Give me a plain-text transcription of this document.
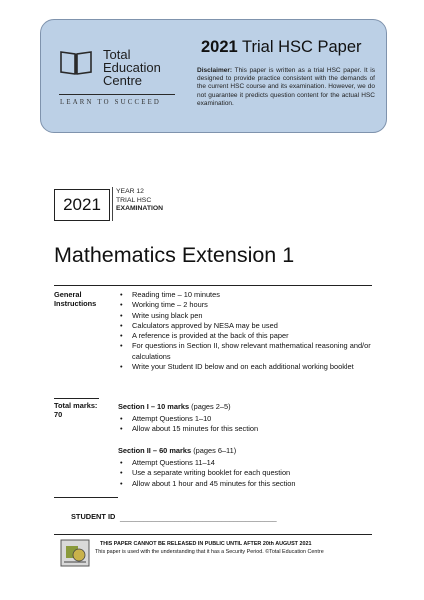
Total
Education
Centre
LEARN TO SUCCEED
2021 Trial HSC Paper
Disclaimer: This paper is written as a trial HSC paper. It is designed to provide practice consistent with the demands of the current HSC course and its examination. However, we do not guarantee it predicts question content for the actual HSC examination.
2021
YEAR 12
TRIAL HSC
EXAMINATION
Mathematics Extension 1
General
Instructions
• Reading time – 10 minutes
• Working time – 2 hours
• Write using black pen
• Calculators approved by NESA may be used
• A reference is provided at the back of this paper
• For questions in Section II, show relevant mathematical reasoning and/or calculations
• Write your Student ID below and on each additional working booklet
Total marks:
70
Section I – 10 marks (pages 2–5)
• Attempt Questions 1–10
• Allow about 15 minutes for this section
Section II – 60 marks (pages 6–11)
• Attempt Questions 11–14
• Use a separate writing booklet for each question
• Allow about 1 hour and 45 minutes for this section
STUDENT ID ________________________________________
THIS PAPER CANNOT BE RELEASED IN PUBLIC UNTIL AFTER 20th AUGUST 2021
This paper is used with the understanding that it has a Security Period. ©Total Education Centre
